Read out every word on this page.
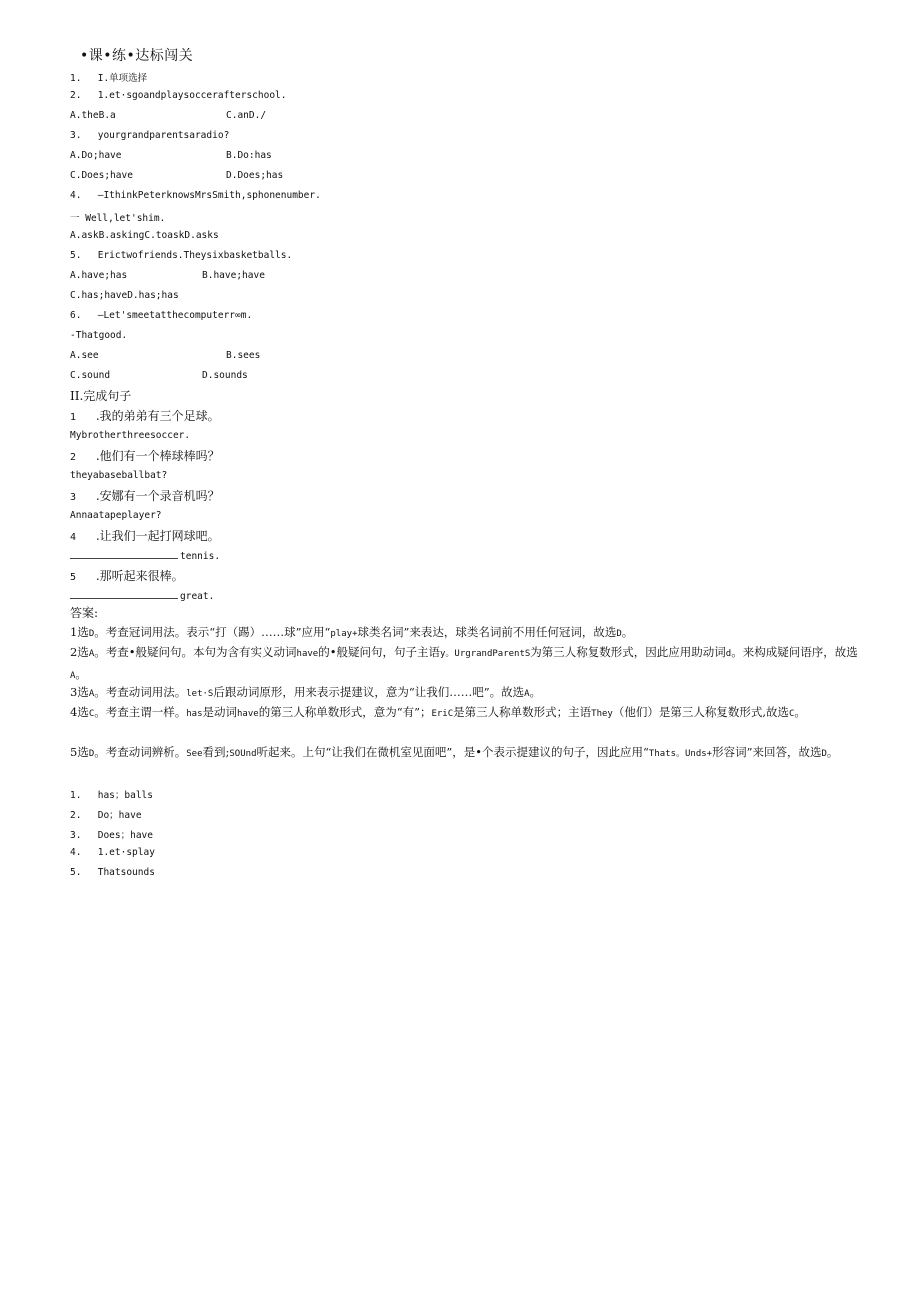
•课•练•达标闯关
1. I.单项选择
2. 1.et·sgoandplaysoccerafterschool.
A.theB.a	C.anD./
3. yourgrandparentsaradio?
A.Do;have	B.Do:has
C.Does;have	D.Does;has
4. —IthinkPeterknowsMrsSmith,sphonenumber.
一 Well,let'shim.
A.askB.askingC.toaskD.asks
5. Erictwofriends.Theysixbasketballs.
A.have;has	B.have;have
C.has;haveD.has;has
6. —Let'smeetatthecomputerr∞m.
-Thatgood.
A.see	B.sees
C.sound	D.sounds
II.完成句子
1 .我的弟弟有三个足球。
Mybrotherthreesoccer.
2 .他们有一个棒球棒吗？
theyabaseballbat?
3 .安娜有一个录音机吗？
Annaatapeplayer?
4 .让我们一起打网球吧。
tennis.
5 .那听起来很棒。
great.
答案:
1选D。考查冠词用法。表示“打（踢）……球”应用“play+球类名词”来表达，球类名词前不用任何冠词，故选D。
2选A。考查•般疑问句。本句为含有实义动词have的•般疑问句，句子主语y。UrgrandParentS为第三人称复数形式，因此应用助动词d。来构成疑问语序，故选A。
3选A。考查动词用法。let·S后跟动词原形，用来表示提建议，意为“让我们……吧”。故选A。
4选C。考查主谓一样。has是动词have的第三人称单数形式，意为“有”；EriC是第三人称单数形式；主语They（他们）是第三人称复数形式,故选C。
5选D。考查动词辨析。See看到;SOUnd听起来。上句“让我们在微机室见面吧”，是•个表示提建议的句子，因此应用“Thats。Unds+形容词”来回答，故选D。
1. has；balls
2. Do；have
3. Does；have
4. 1.et·splay
5. Thatsounds
